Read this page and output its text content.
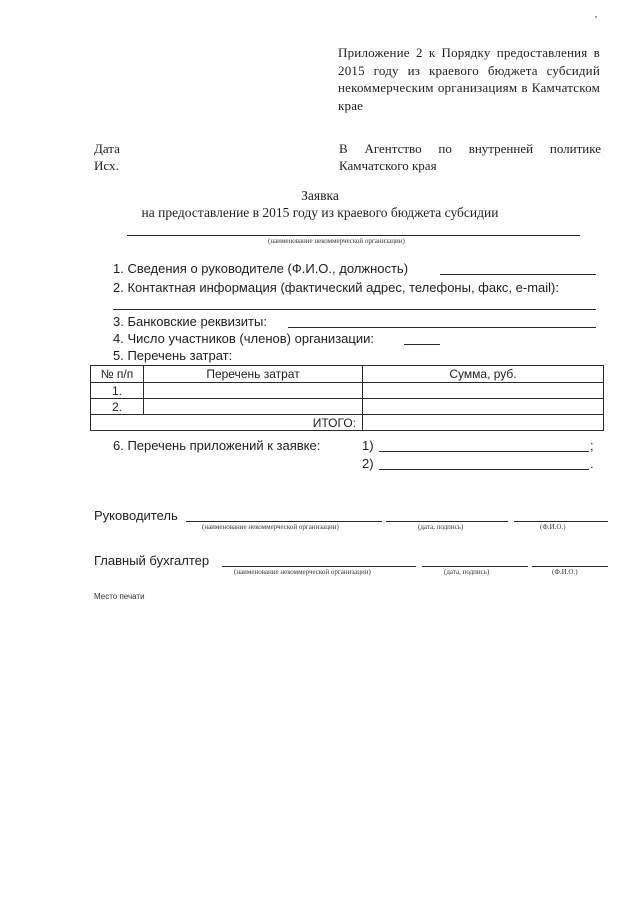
Приложение 2 к Порядку предоставления в 2015 году из краевого бюджета субсидий некоммерческим организациям в Камчатском крае
Дата
Исх.
В Агентство по внутренней политике
Камчатского края
Заявка
на предоставление в 2015 году из краевого бюджета субсидии
(наименование некоммерческой организации)
1. Сведения о руководителе (Ф.И.О., должность)
2. Контактная информация (фактический адрес, телефоны, факс, e-mail):
3. Банковские реквизиты:
4. Число участников (членов) организации:
5. Перечень затрат:
№ п/п	Перечень затрат	Сумма, руб.
1.		
2.		
ИТОГО:		
6. Перечень приложений к заявке:	1)	;
2)	.
Руководитель
(наименование некоммерческой организации)	(дата, подпись)	(Ф.И.О.)
Главный бухгалтер
(наименование некоммерческой организации)	(дата, подпись)	(Ф.И.О.)
Место печати
